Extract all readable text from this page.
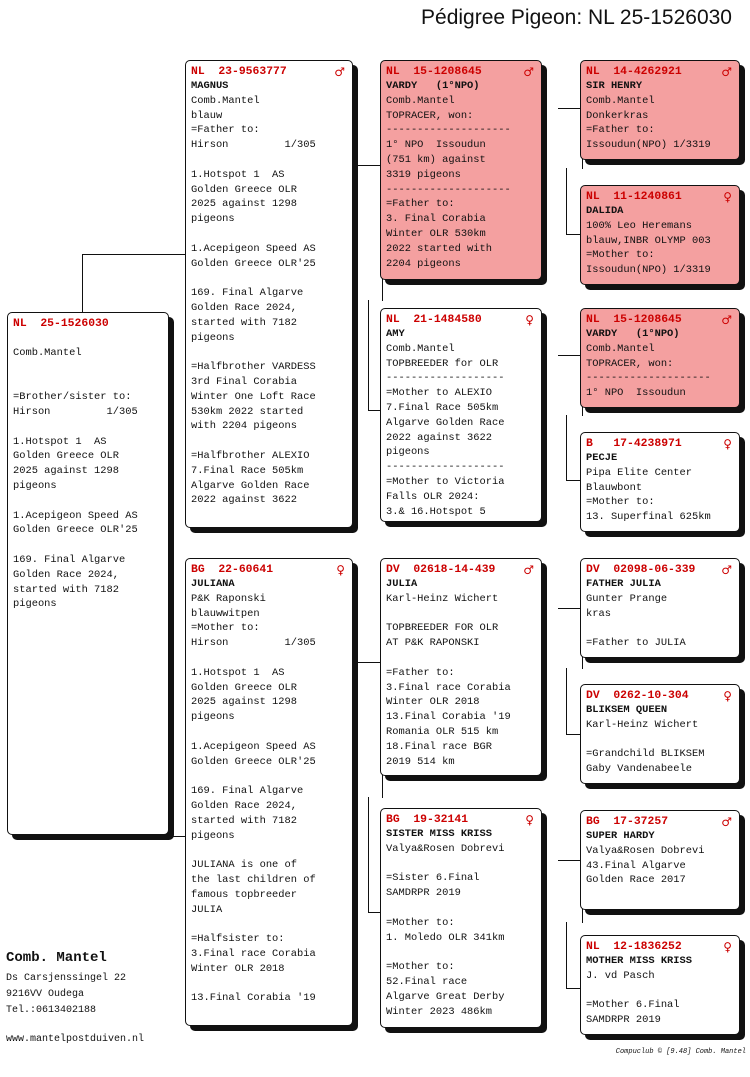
Pédigree Pigeon: NL 25-1526030
NL  25-1526030
Comb.Mantel
=Brother/sister to:
Hirson         1/305
1.Hotspot 1  AS
Golden Greece OLR
2025 against 1298
pigeons
1.Acepigeon Speed AS
Golden Greece OLR'25
169. Final Algarve
Golden Race 2024,
started with 7182
pigeons
NL  23-9563777	♂
MAGNUS
Comb.Mantel
blauw
=Father to:
Hirson         1/305
1.Hotspot 1  AS
Golden Greece OLR
2025 against 1298
pigeons
1.Acepigeon Speed AS
Golden Greece OLR'25
169. Final Algarve
Golden Race 2024,
started with 7182
pigeons
=Halfbrother VARDESS
3rd Final Corabia
Winter One Loft Race
530km 2022 started
with 2204 pigeons
=Halfbrother ALEXIO
7.Final Race 505km
Algarve Golden Race
2022 against 3622
BG  22-60641	♀
JULIANA
P&K Raponski
blauwwitpen
=Mother to:
Hirson         1/305
1.Hotspot 1  AS
Golden Greece OLR
2025 against 1298
pigeons
1.Acepigeon Speed AS
Golden Greece OLR'25
169. Final Algarve
Golden Race 2024,
started with 7182
pigeons
JULIANA is one of
the last children of
famous topbreeder
JULIA
=Halfsister to:
3.Final race Corabia
Winter OLR 2018
13.Final Corabia '19
NL  15-1208645	♂
VARDY   (1°NPO)
Comb.Mantel
TOPRACER, won:
--------------------
1° NPO  Issoudun
(751 km) against
3319 pigeons
--------------------
=Father to:
3. Final Corabia
Winter OLR 530km
2022 started with
2204 pigeons
NL  21-1484580	♀
AMY
Comb.Mantel
TOPBREEDER for OLR
-------------------
=Mother to ALEXIO
7.Final Race 505km
Algarve Golden Race
2022 against 3622
pigeons
-------------------
=Mother to Victoria
Falls OLR 2024:
3.& 16.Hotspot 5
DV  02618-14-439 ♂
JULIA
Karl-Heinz Wichert
TOPBREEDER FOR OLR
AT P&K RAPONSKI
=Father to:
3.Final race Corabia
Winter OLR 2018
13.Final Corabia '19
Romania OLR 515 km
18.Final race BGR
2019 514 km
BG  19-32141	♀
SISTER MISS KRISS
Valya&Rosen Dobrevi
=Sister 6.Final
SAMDRPR 2019
=Mother to:
1. Moledo OLR 341km
=Mother to:
52.Final race
Algarve Great Derby
Winter 2023 486km
NL  14-4262921	♂
SIR HENRY
Comb.Mantel
Donkerkras
=Father to:
Issoudun(NPO) 1/3319
NL  11-1240861	♀
DALIDA
100% Leo Heremans
blauw,INBR OLYMP 003
=Mother to:
Issoudun(NPO) 1/3319
NL  15-1208645	♂
VARDY   (1°NPO)
Comb.Mantel
TOPRACER, won:
--------------------
1° NPO  Issoudun
B   17-4238971	♀
PECJE
Pipa Elite Center
Blauwbont
=Mother to:
13. Superfinal 625km
DV  02098-06-339 ♂
FATHER JULIA
Gunter Prange
kras
=Father to JULIA
DV  0262-10-304	♀
BLIKSEM QUEEN
Karl-Heinz Wichert
=Grandchild BLIKSEM
Gaby Vandenabeele
BG  17-37257	♂
SUPER HARDY
Valya&Rosen Dobrevi
43.Final Algarve
Golden Race 2017
NL  12-1836252	♀
MOTHER MISS KRISS
J. vd Pasch
=Mother 6.Final
SAMDRPR 2019
Comb. Mantel
Ds Carsjenssingel 22
9216VV Oudega
Tel.:0613402188
www.mantelpostduiven.nl
Compuclub © [9.48] Comb. Mantel
